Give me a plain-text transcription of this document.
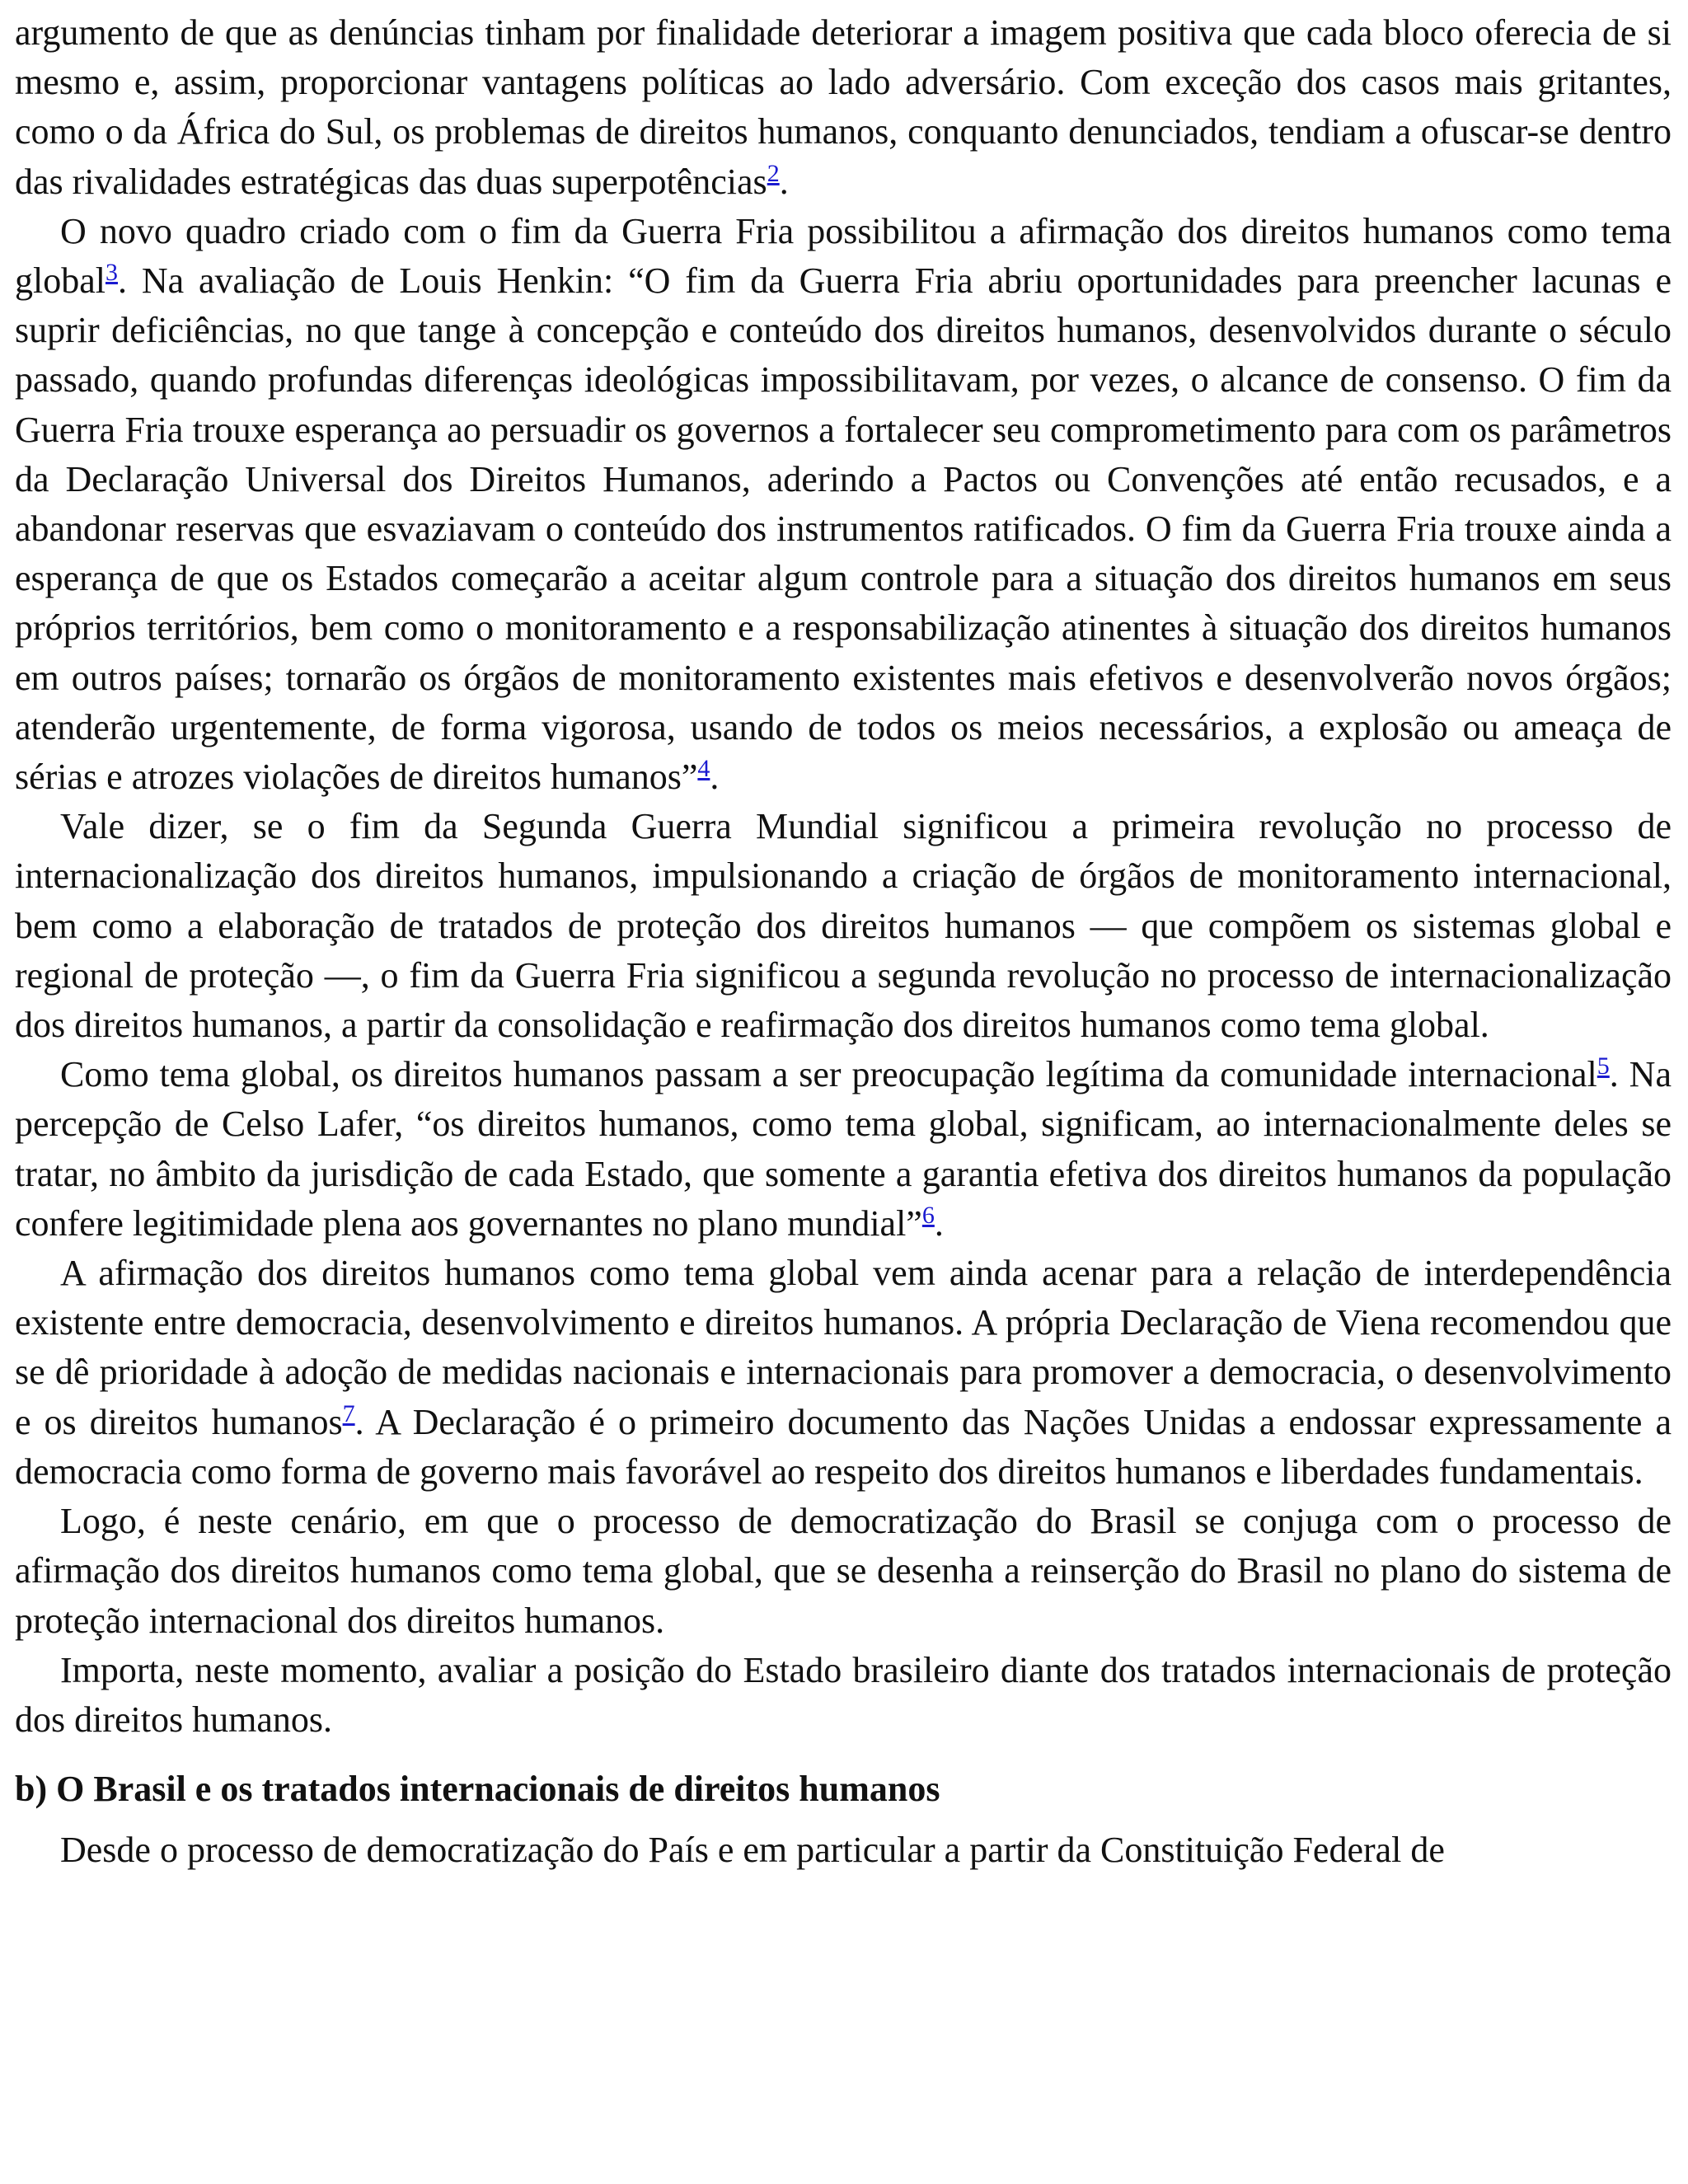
argumento de que as denúncias tinham por finalidade deteriorar a imagem positiva que cada bloco oferecia de si mesmo e, assim, proporcionar vantagens políticas ao lado adversário. Com exceção dos casos mais gritantes, como o da África do Sul, os problemas de direitos humanos, conquanto denunciados, tendiam a ofuscar-se dentro das rivalidades estratégicas das duas superpotências$^2$.

O novo quadro criado com o fim da Guerra Fria possibilitou a afirmação dos direitos humanos como tema global$^3$. Na avaliação de Louis Henkin: “O fim da Guerra Fria abriu oportunidades para preencher lacunas e suprir deficiências, no que tange à concepção e conteúdo dos direitos humanos, desenvolvidos durante o século passado, quando profundas diferenças ideológicas impossibilitavam, por vezes, o alcance de consenso. O fim da Guerra Fria trouxe esperança ao persuadir os governos a fortalecer seu comprometimento para com os parâmetros da Declaração Universal dos Direitos Humanos, aderindo a Pactos ou Convenções até então recusados, e a abandonar reservas que esvaziavam o conteúdo dos instrumentos ratificados. O fim da Guerra Fria trouxe ainda a esperança de que os Estados começarão a aceitar algum controle para a situação dos direitos humanos em seus próprios territórios, bem como o monitoramento e a responsabilização atinentes à situação dos direitos humanos em outros países; tornarão os órgãos de monitoramento existentes mais efetivos e desenvolverão novos órgãos; atenderão urgentemente, de forma vigorosa, usando de todos os meios necessários, a explosão ou ameaça de sérias e atrozes violações de direitos humanos”$^4$.

Vale dizer, se o fim da Segunda Guerra Mundial significou a primeira revolução no processo de internacionalização dos direitos humanos, impulsionando a criação de órgãos de monitoramento internacional, bem como a elaboração de tratados de proteção dos direitos humanos — que compõem os sistemas global e regional de proteção —, o fim da Guerra Fria significou a segunda revolução no processo de internacionalização dos direitos humanos, a partir da consolidação e reafirmação dos direitos humanos como tema global.

Como tema global, os direitos humanos passam a ser preocupação legítima da comunidade internacional$^5$. Na percepção de Celso Lafer, “os direitos humanos, como tema global, significam, ao internacionalmente deles se tratar, no âmbito da jurisdição de cada Estado, que somente a garantia efetiva dos direitos humanos da população confere legitimidade plena aos governantes no plano mundial”$^6$.

A afirmação dos direitos humanos como tema global vem ainda acenar para a relação de interdependência existente entre democracia, desenvolvimento e direitos humanos. A própria Declaração de Viena recomendou que se dê prioridade à adoção de medidas nacionais e internacionais para promover a democracia, o desenvolvimento e os direitos humanos$^7$. A Declaração é o primeiro documento das Nações Unidas a endossar expressamente a democracia como forma de governo mais favorável ao respeito dos direitos humanos e liberdades fundamentais.

Logo, é neste cenário, em que o processo de democratização do Brasil se conjuga com o processo de afirmação dos direitos humanos como tema global, que se desenha a reinserção do Brasil no plano do sistema de proteção internacional dos direitos humanos.

Importa, neste momento, avaliar a posição do Estado brasileiro diante dos tratados internacionais de proteção dos direitos humanos.

b) O Brasil e os tratados internacionais de direitos humanos

Desde o processo de democratização do País e em particular a partir da Constituição Federal de
